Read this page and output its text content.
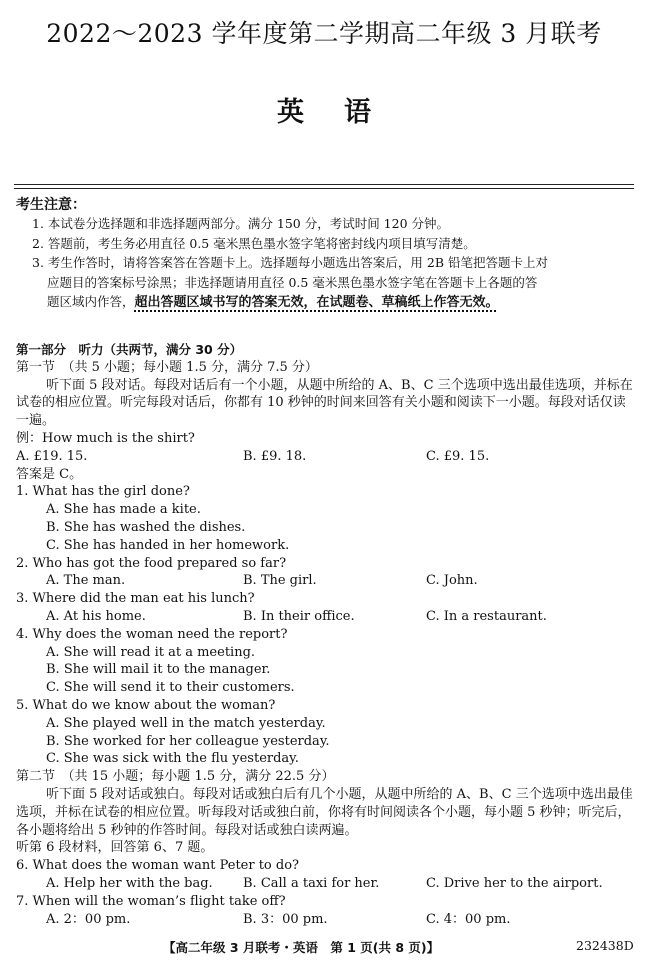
2022～2023 学年度第二学期高二年级 3 月联考
英语
考生注意：
1. 本试卷分选择题和非选择题两部分。满分 150 分，考试时间 120 分钟。
2. 答题前，考生务必用直径 0.5 毫米黑色墨水签字笔将密封线内项目填写清楚。
3. 考生作答时，请将答案答在答题卡上。选择题每小题选出答案后，用 2B 铅笔把答题卡上对
应题目的答案标号涂黑；非选择题请用直径 0.5 毫米黑色墨水签字笔在答题卡上各题的答
题区域内作答，超出答题区域书写的答案无效，在试题卷、草稿纸上作答无效。
第一部分　听力（共两节，满分 30 分）
第一节　（共 5 小题；每小题 1.5 分，满分 7.5 分）
听下面 5 段对话。每段对话后有一个小题，从题中所给的 A、B、C 三个选项中选出最佳选项，并标在试卷的相应位置。听完每段对话后，你都有 10 秒钟的时间来回答有关小题和阅读下一小题。每段对话仅读一遍。
例：How much is the shirt?
A. £19. 15.	B. £9. 18.	C. £9. 15.
答案是 C。
1. What has the girl done?
A. She has made a kite.
B. She has washed the dishes.
C. She has handed in her homework.
2. Who has got the food prepared so far?
A. The man.	B. The girl.	C. John.
3. Where did the man eat his lunch?
A. At his home.	B. In their office.	C. In a restaurant.
4. Why does the woman need the report?
A. She will read it at a meeting.
B. She will mail it to the manager.
C. She will send it to their customers.
5. What do we know about the woman?
A. She played well in the match yesterday.
B. She worked for her colleague yesterday.
C. She was sick with the flu yesterday.
第二节　（共 15 小题；每小题 1.5 分，满分 22.5 分）
听下面 5 段对话或独白。每段对话或独白后有几个小题，从题中所给的 A、B、C 三个选项中选出最佳选项，并标在试卷的相应位置。听每段对话或独白前，你将有时间阅读各个小题，每小题 5 秒钟；听完后，各小题将给出 5 秒钟的作答时间。每段对话或独白读两遍。
听第 6 段材料，回答第 6、7 题。
6. What does the woman want Peter to do?
A. Help her with the bag.	B. Call a taxi for her.	C. Drive her to the airport.
7. When will the woman’s flight take off?
A. 2：00 pm.	B. 3：00 pm.	C. 4：00 pm.
【高二年级 3 月联考・英语　第 1 页(共 8 页)】	232438D
